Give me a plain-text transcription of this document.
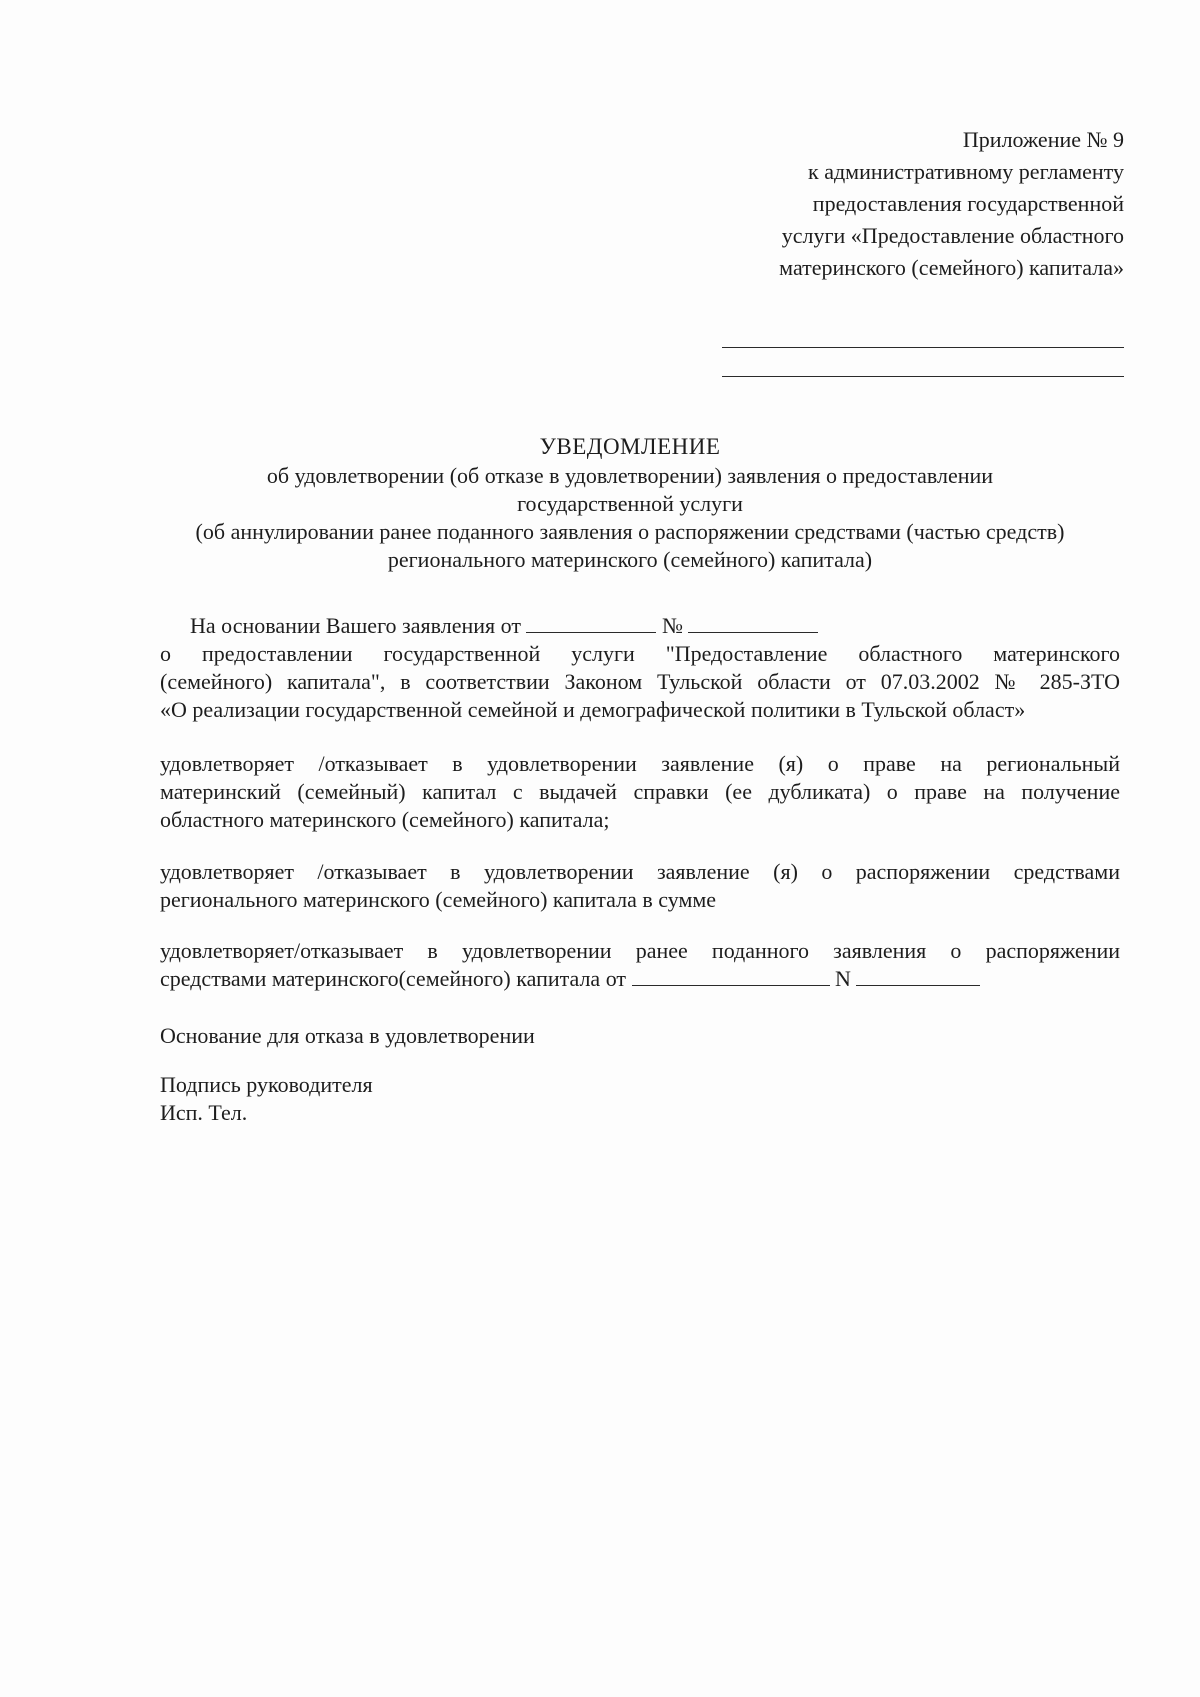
Приложение № 9
к административному регламенту
предоставления государственной
услуги «Предоставление областного
материнского (семейного) капитала»
УВЕДОМЛЕНИЕ
об удовлетворении (об отказе в удовлетворении) заявления о предоставлении
государственной услуги
(об аннулировании ранее поданного заявления о распоряжении средствами (частью средств)
регионального материнского (семейного) капитала)
На основании Вашего заявления от	№
о предоставлении государственной услуги "Предоставление областного материнского
(семейного) капитала", в соответствии Законом Тульской области от 07.03.2002 № 285-ЗТО
«О реализации государственной семейной и демографической политики в Тульской област»
удовлетворяет /отказывает в удовлетворении заявление (я) о праве на региональный
материнский (семейный) капитал с выдачей справки (ее дубликата) о праве на получение
областного материнского (семейного) капитала;
удовлетворяет /отказывает в удовлетворении заявление (я) о распоряжении средствами
регионального материнского (семейного) капитала в сумме
удовлетворяет/отказывает в удовлетворении ранее поданного заявления о распоряжении
средствами материнского(семейного) капитала от	N
Основание для отказа в удовлетворении
Подпись руководителя
Исп. Тел.
